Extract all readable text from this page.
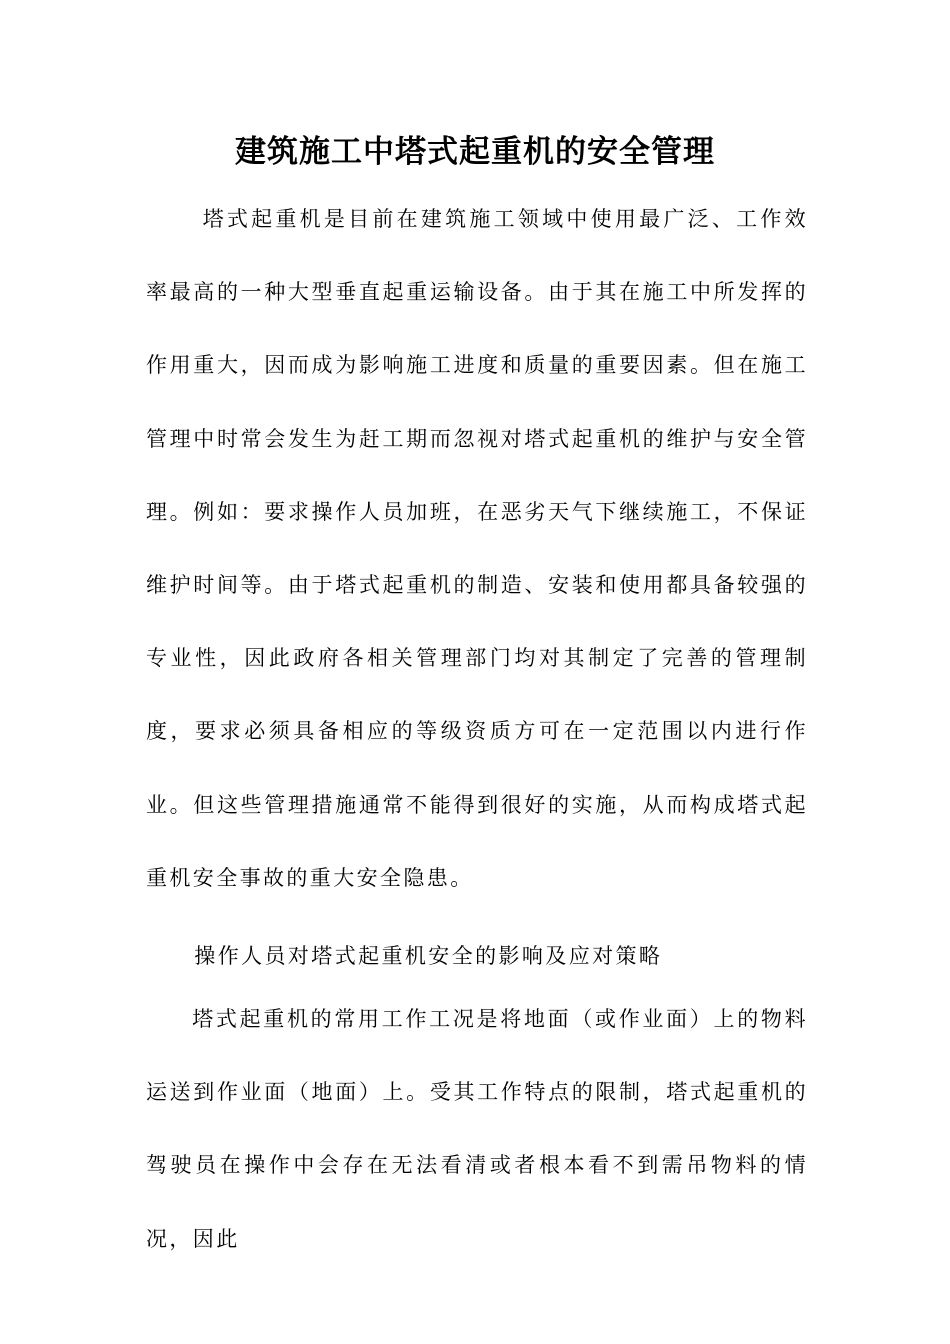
建筑施工中塔式起重机的安全管理

塔式起重机是目前在建筑施工领域中使用最广泛、工作效率最高的一种大型垂直起重运输设备。由于其在施工中所发挥的作用重大，因而成为影响施工进度和质量的重要因素。但在施工管理中时常会发生为赶工期而忽视对塔式起重机的维护与安全管理。例如：要求操作人员加班，在恶劣天气下继续施工，不保证维护时间等。由于塔式起重机的制造、安装和使用都具备较强的专业性，因此政府各相关管理部门均对其制定了完善的管理制度，要求必须具备相应的等级资质方可在一定范围以内进行作业。但这些管理措施通常不能得到很好的实施，从而构成塔式起重机安全事故的重大安全隐患。

操作人员对塔式起重机安全的影响及应对策略

塔式起重机的常用工作工况是将地面（或作业面）上的物料运送到作业面（地面）上。受其工作特点的限制，塔式起重机的驾驶员在操作中会存在无法看清或者根本看不到需吊物料的情况，因此
